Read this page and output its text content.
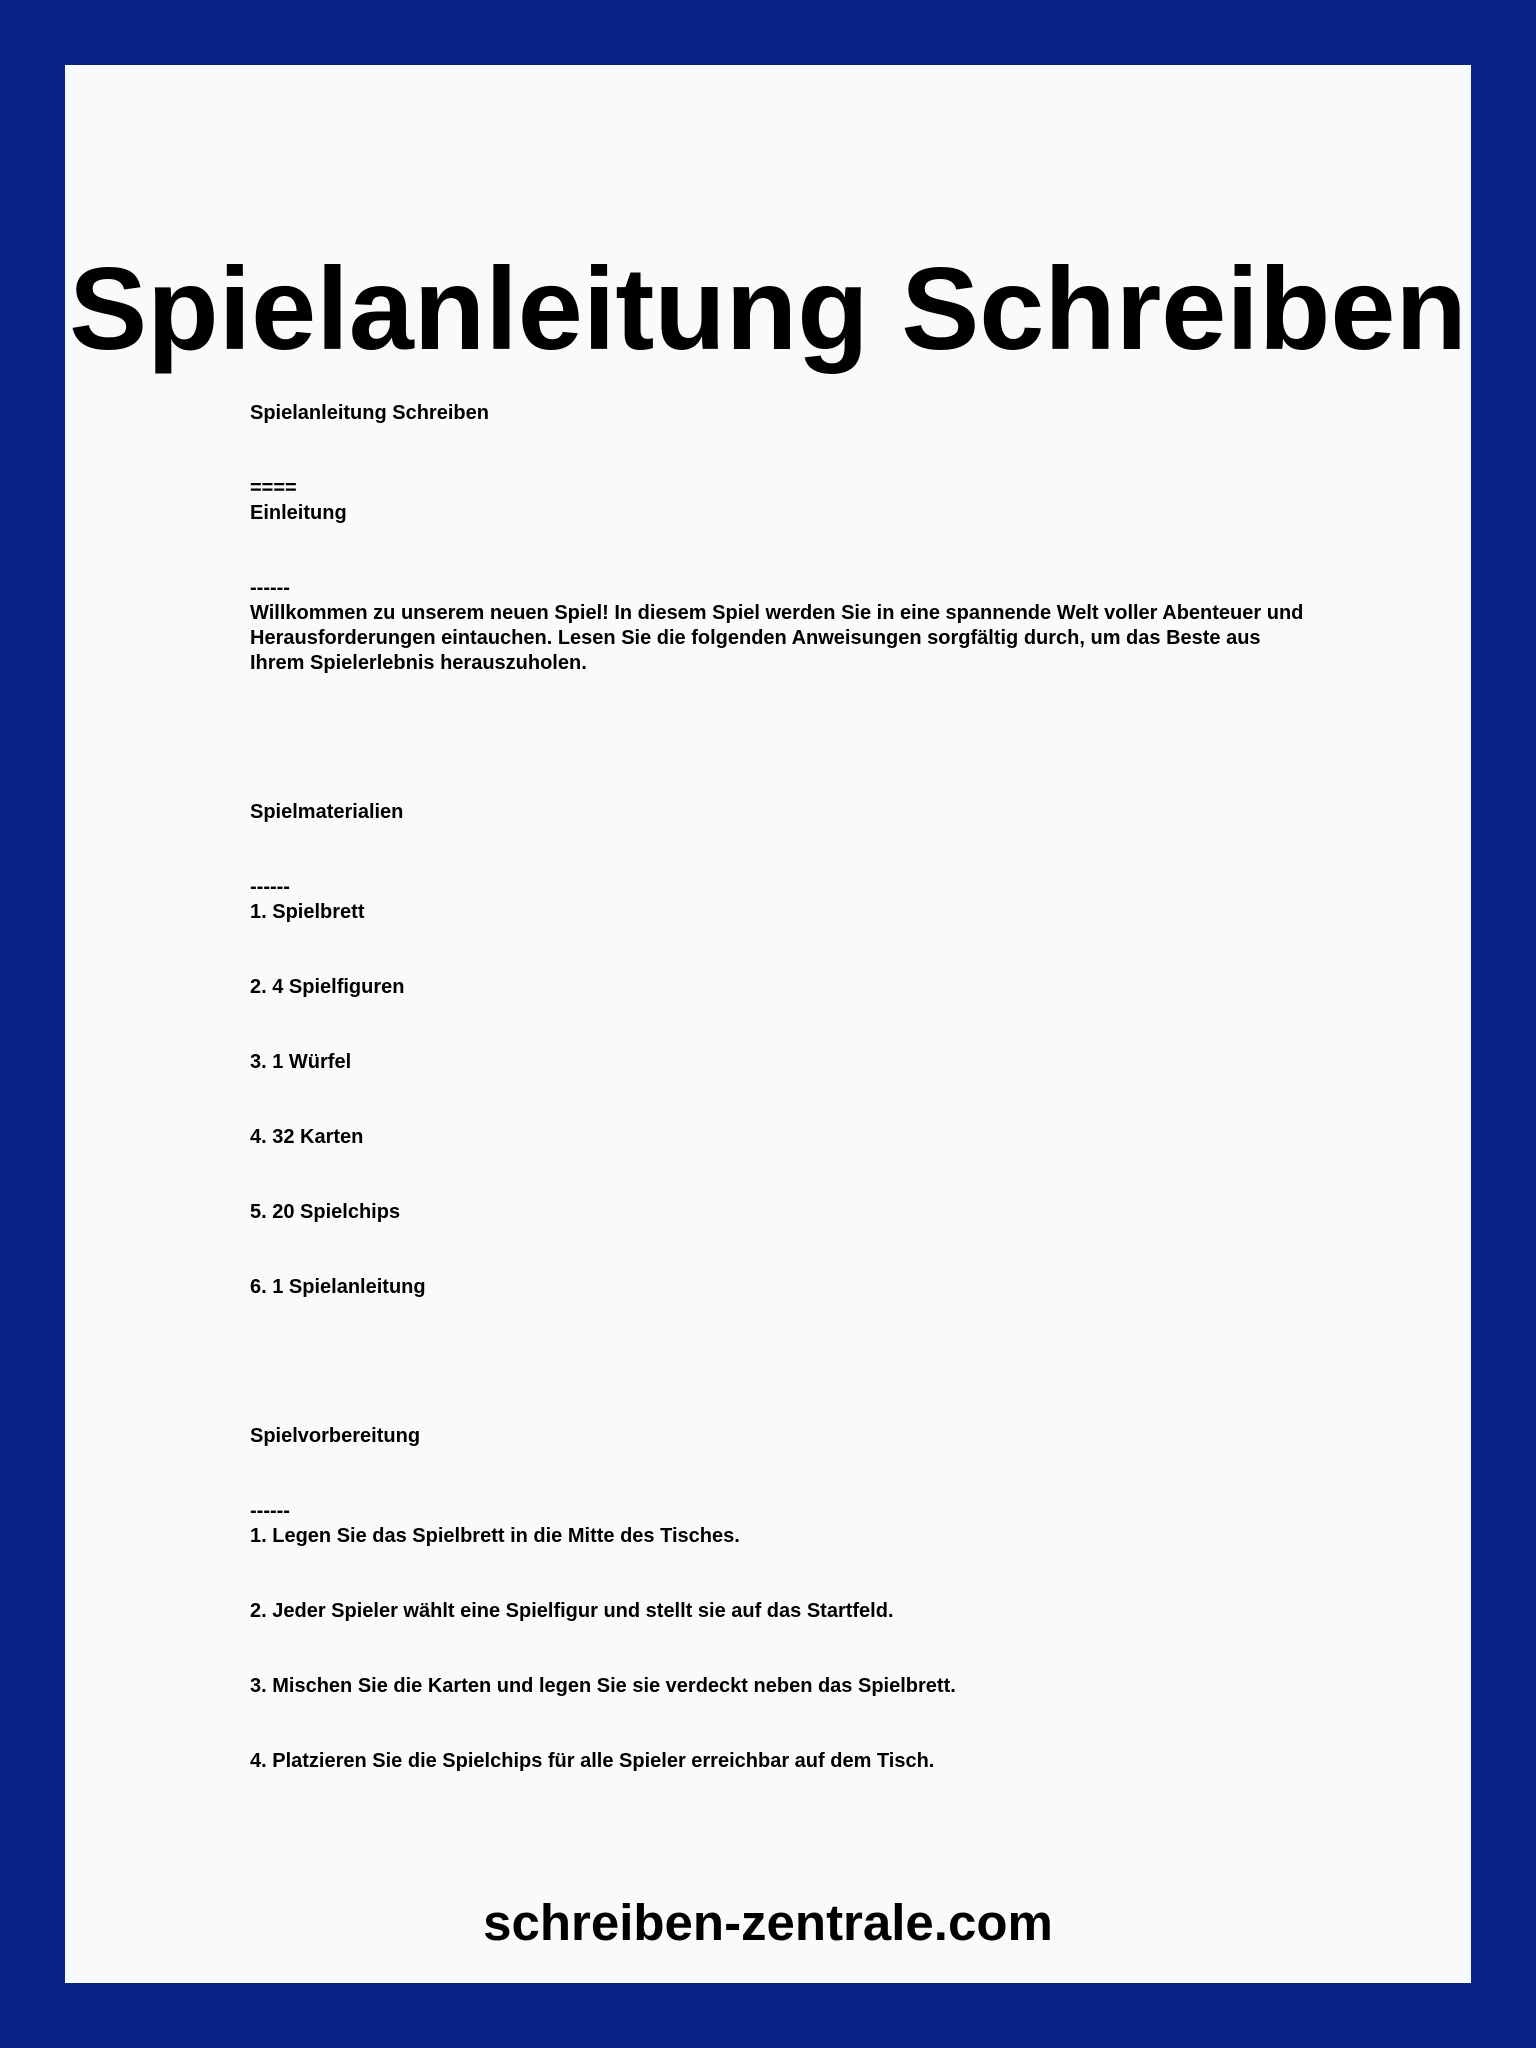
Spielanleitung Schreiben
Spielanleitung Schreiben
====
Einleitung
------
Willkommen zu unserem neuen Spiel! In diesem Spiel werden Sie in eine spannende Welt voller Abenteuer und Herausforderungen eintauchen. Lesen Sie die folgenden Anweisungen sorgfältig durch, um das Beste aus Ihrem Spielerlebnis herauszuholen.
Spielmaterialien
------
1. Spielbrett
2. 4 Spielfiguren
3. 1 Würfel
4. 32 Karten
5. 20 Spielchips
6. 1 Spielanleitung
Spielvorbereitung
------
1. Legen Sie das Spielbrett in die Mitte des Tisches.
2. Jeder Spieler wählt eine Spielfigur und stellt sie auf das Startfeld.
3. Mischen Sie die Karten und legen Sie sie verdeckt neben das Spielbrett.
4. Platzieren Sie die Spielchips für alle Spieler erreichbar auf dem Tisch.
schreiben-zentrale.com
